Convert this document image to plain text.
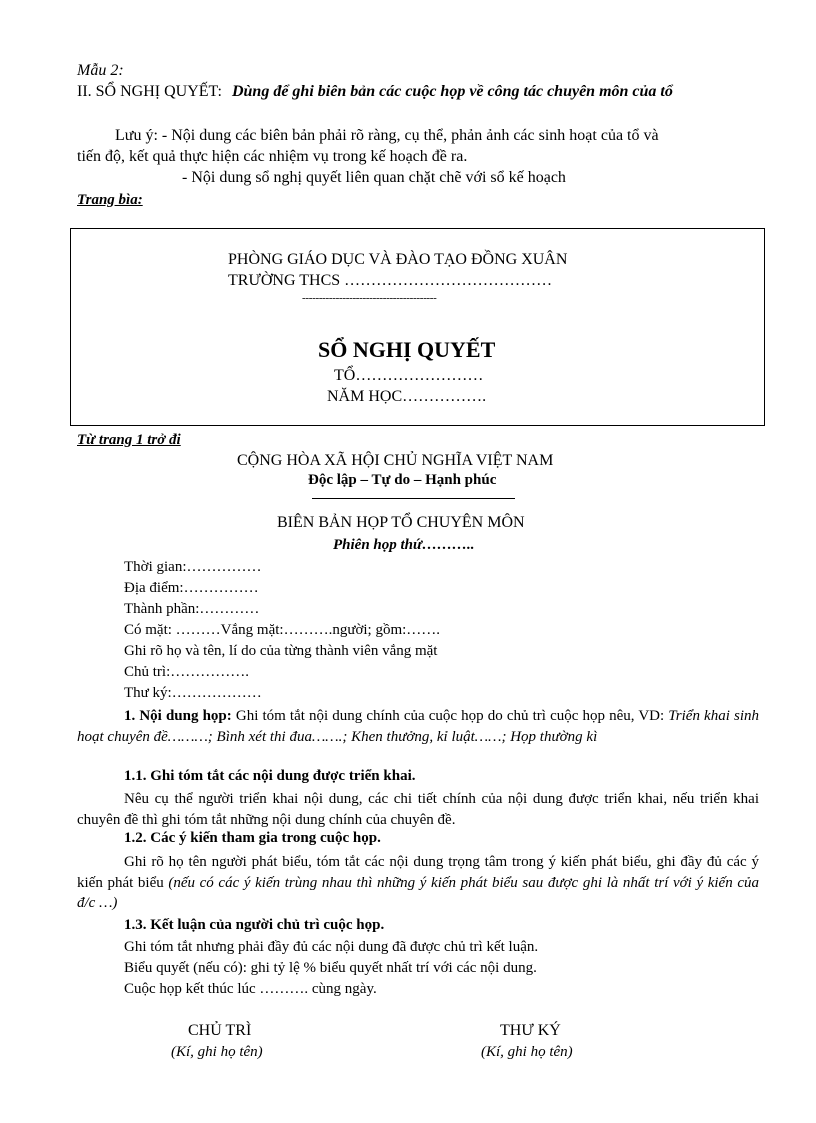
Mẫu 2:
II. SỔ NGHỊ QUYẾT: Dùng để ghi biên bản các cuộc họp về công tác chuyên môn của tổ
Lưu ý: - Nội dung các biên bản phải rõ ràng, cụ thể, phản ảnh các sinh hoạt của tổ và
tiến độ, kết quả thực hiện các nhiệm vụ trong kế hoạch đề ra.
- Nội dung sổ nghị quyết liên quan chặt chẽ với sổ kế hoạch
Trang bìa:
PHÒNG GIÁO DỤC VÀ ĐÀO TẠO ĐỒNG XUÂN
TRƯỜNG THCS …………………………………
----------------------------------------
SỔ NGHỊ QUYẾT
TỔ……………………
NĂM HỌC…………….
Từ trang 1 trở đi
CỘNG HÒA XÃ HỘI CHỦ NGHĨA VIỆT NAM
Độc lập – Tự do – Hạnh phúc
BIÊN BẢN HỌP TỔ CHUYÊN MÔN
Phiên họp thứ………..
Thời gian:……………
Địa điểm:……………
Thành phần:…………
Có mặt: ………Vắng mặt:……….người; gồm:…….
Ghi rõ họ và tên, lí do của từng thành viên vắng mặt
Chủ trì:…………….
Thư ký:………………
1. Nội dung họp: Ghi tóm tắt nội dung chính của cuộc họp do chủ trì cuộc họp nêu, VD: Triển khai sinh hoạt chuyên đề………; Bình xét thi đua…….; Khen thưởng, kỉ luật……; Họp thường kì
1.1. Ghi tóm tắt các nội dung được triển khai.
Nêu cụ thể người triển khai nội dung, các chi tiết chính của nội dung được triển khai, nếu triển khai chuyên đề thì ghi tóm tắt những nội dung chính của chuyên đề.
1.2. Các ý kiến tham gia trong cuộc họp.
Ghi rõ họ tên người phát biểu, tóm tắt các nội dung trọng tâm trong ý kiến phát biểu, ghi đầy đủ các ý kiến phát biểu (nếu có các ý kiến trùng nhau thì những ý kiến phát biểu sau được ghi là nhất trí với ý kiến của đ/c …)
1.3. Kết luận của người chủ trì cuộc họp.
Ghi tóm tắt nhưng phải đầy đủ các nội dung đã được chủ trì kết luận.
Biểu quyết (nếu có): ghi tỷ lệ % biểu quyết nhất trí với các nội dung.
Cuộc họp kết thúc lúc ………. cùng ngày.
CHỦ TRÌ
(Kí, ghi họ tên)
THƯ KÝ
(Kí, ghi họ tên)
